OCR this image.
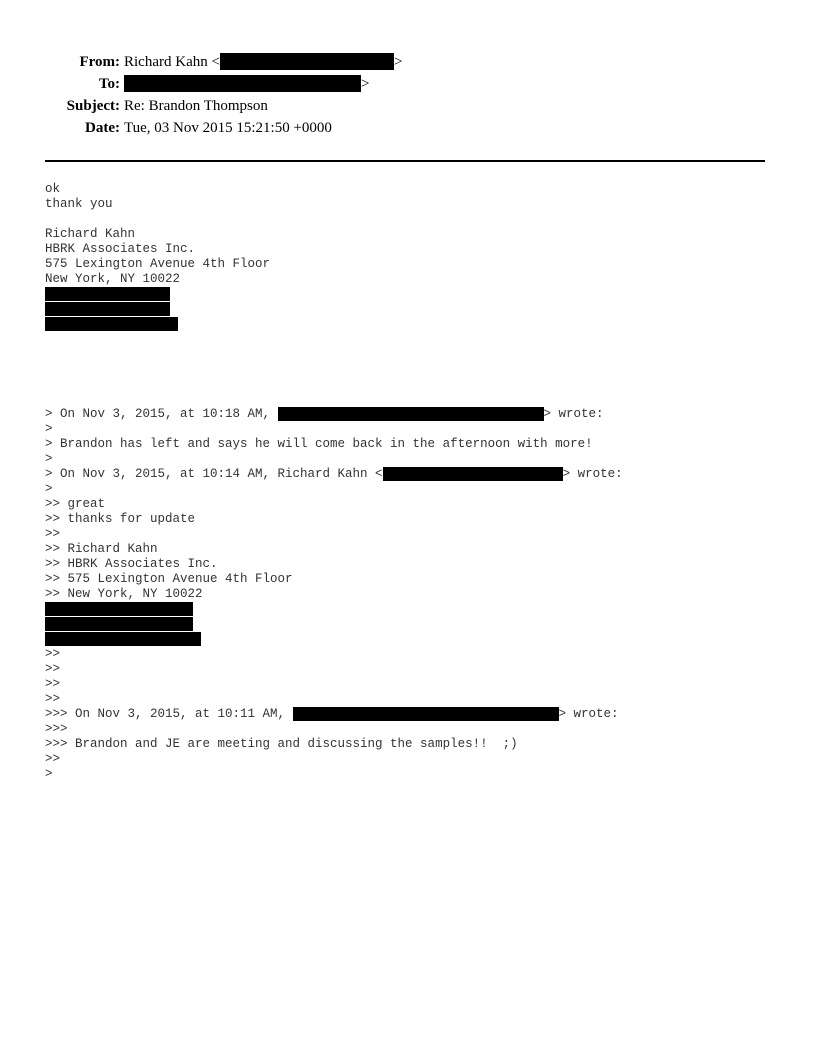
From: Richard Kahn <	>
To:	>
Subject: Re: Brandon Thompson
Date: Tue, 03 Nov 2015 15:21:50 +0000
ok
thank you
Richard Kahn
HBRK Associates Inc.
575 Lexington Avenue 4th Floor
New York, NY 10022
> On Nov 3, 2015, at 10:18 AM,	> wrote:
>
> Brandon has left and says he will come back in the afternoon with more!
>
> On Nov 3, 2015, at 10:14 AM, Richard Kahn <	> wrote:
>
>> great
>> thanks for update
>>
>> Richard Kahn
>> HBRK Associates Inc.
>> 575 Lexington Avenue 4th Floor
>> New York, NY 10022
>>
>>
>>
>>
>>> On Nov 3, 2015, at 10:11 AM,	> wrote:
>>>
>>> Brandon and JE are meeting and discussing the samples!!  ;)
>>
>
